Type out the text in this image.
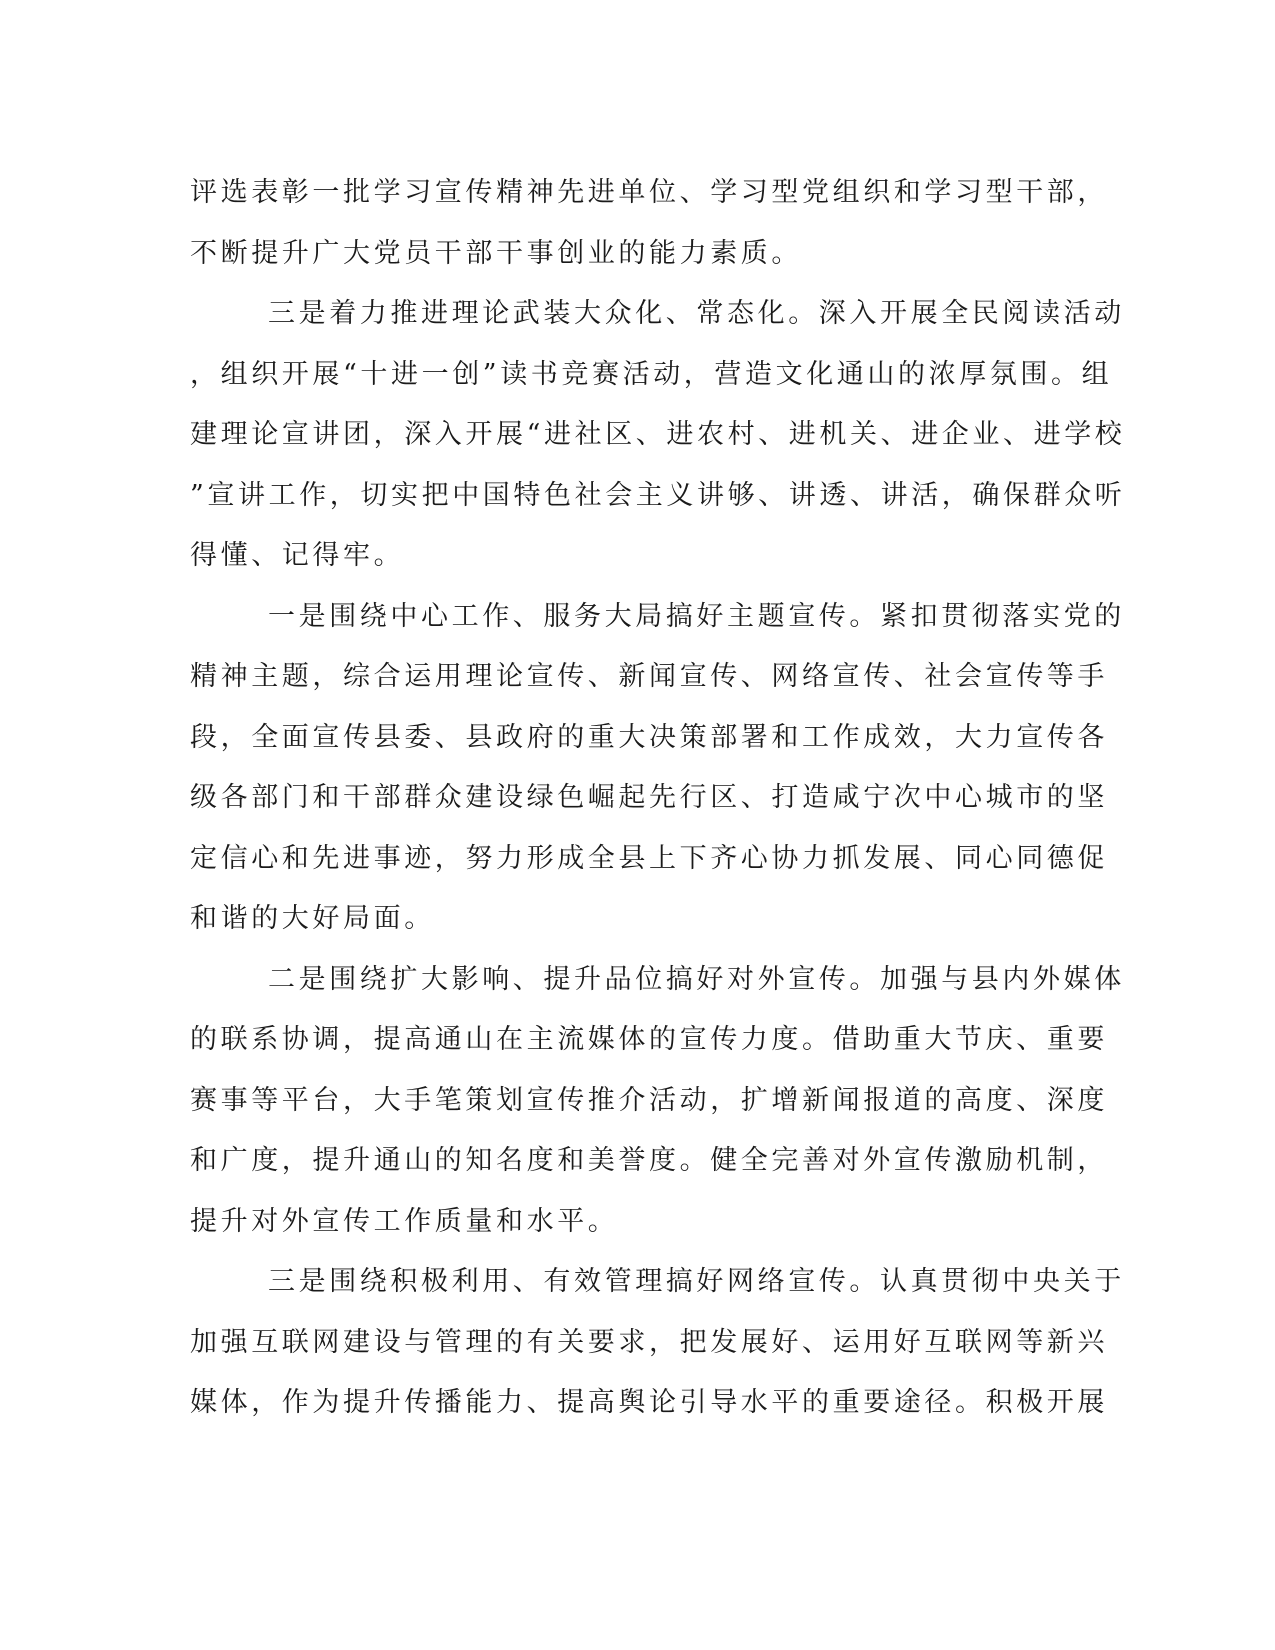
评选表彰一批学习宣传精神先进单位、学习型党组织和学习型干部，
不断提升广大党员干部干事创业的能力素质。
三是着力推进理论武装大众化、常态化。深入开展全民阅读活动
，组织开展“十进一创”读书竞赛活动，营造文化通山的浓厚氛围。组
建理论宣讲团，深入开展“进社区、进农村、进机关、进企业、进学校
”宣讲工作，切实把中国特色社会主义讲够、讲透、讲活，确保群众听
得懂、记得牢。
一是围绕中心工作、服务大局搞好主题宣传。紧扣贯彻落实党的
精神主题，综合运用理论宣传、新闻宣传、网络宣传、社会宣传等手
段，全面宣传县委、县政府的重大决策部署和工作成效，大力宣传各
级各部门和干部群众建设绿色崛起先行区、打造咸宁次中心城市的坚
定信心和先进事迹，努力形成全县上下齐心协力抓发展、同心同德促
和谐的大好局面。
二是围绕扩大影响、提升品位搞好对外宣传。加强与县内外媒体
的联系协调，提高通山在主流媒体的宣传力度。借助重大节庆、重要
赛事等平台，大手笔策划宣传推介活动，扩增新闻报道的高度、深度
和广度，提升通山的知名度和美誉度。健全完善对外宣传激励机制，
提升对外宣传工作质量和水平。
三是围绕积极利用、有效管理搞好网络宣传。认真贯彻中央关于
加强互联网建设与管理的有关要求，把发展好、运用好互联网等新兴
媒体，作为提升传播能力、提高舆论引导水平的重要途径。积极开展
